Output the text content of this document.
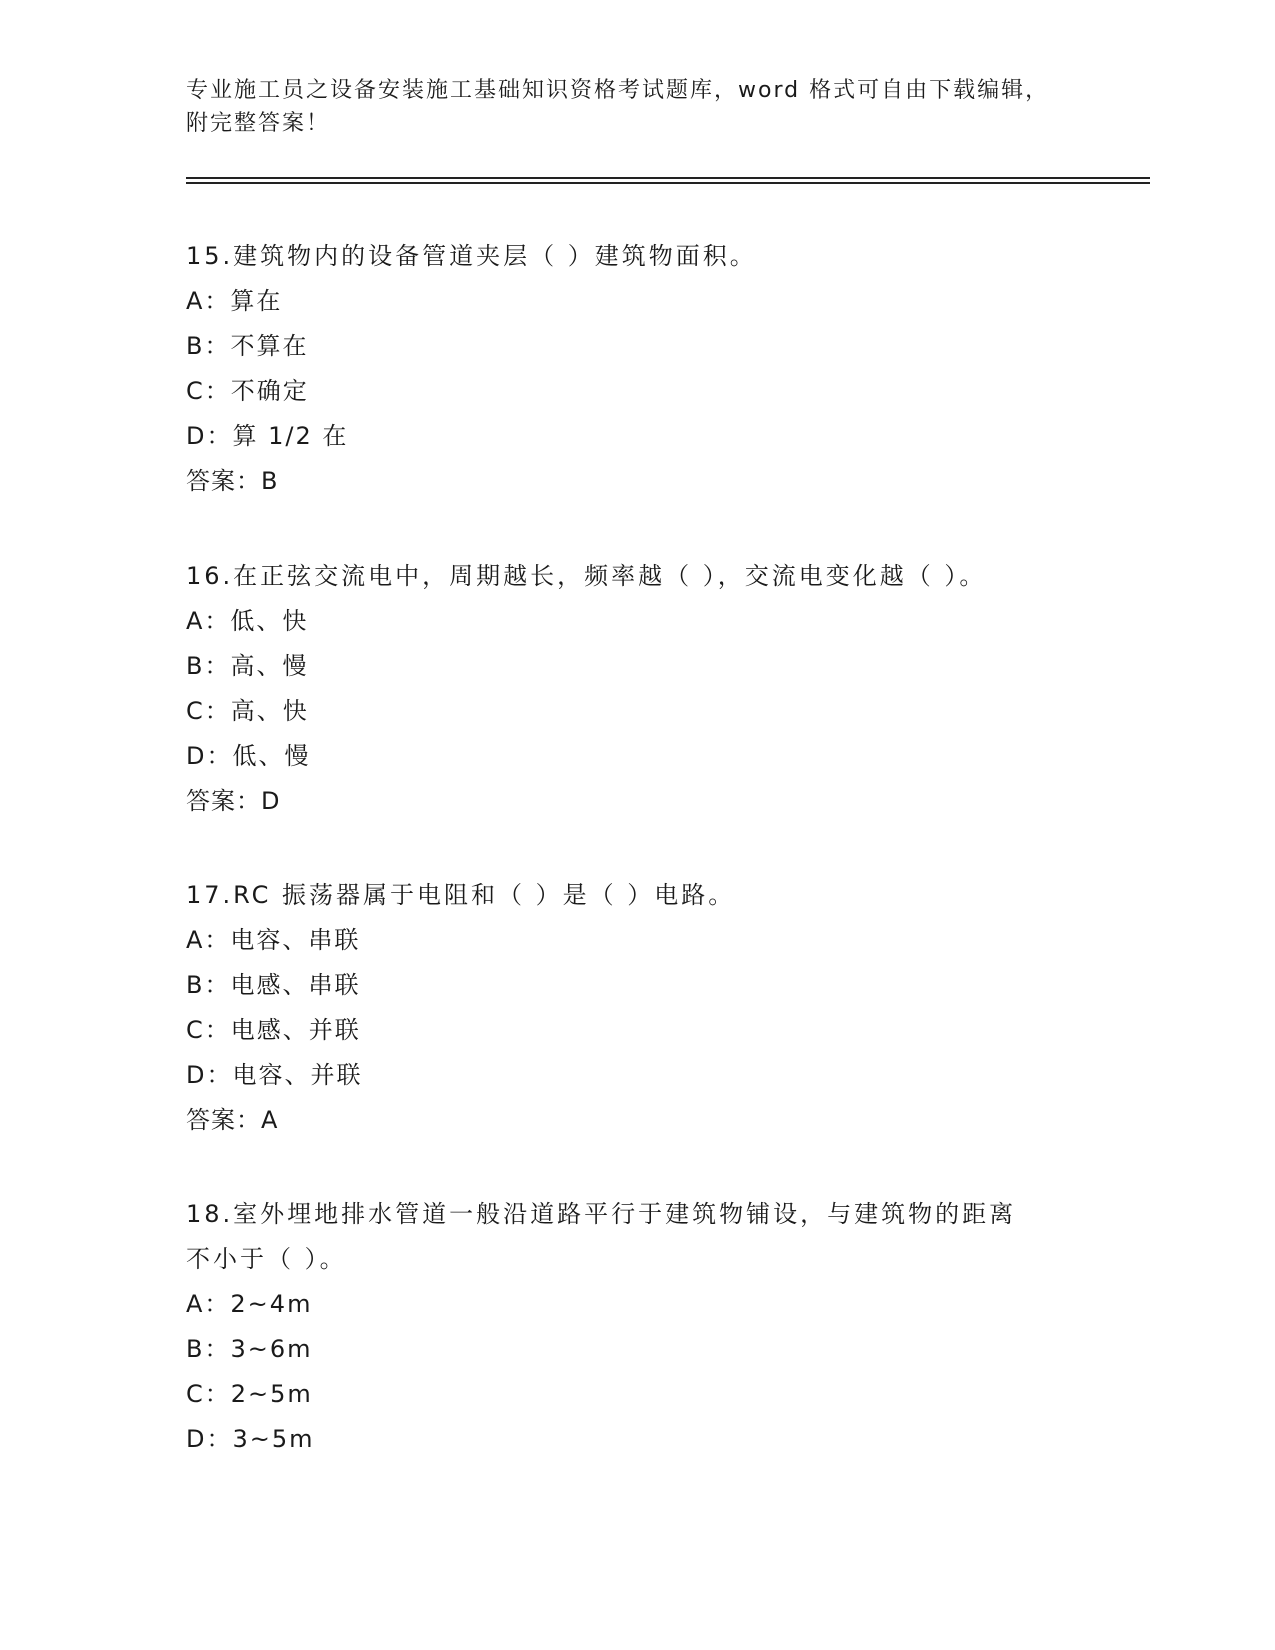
专业施工员之设备安装施工基础知识资格考试题库，word 格式可自由下载编辑，
附完整答案！

15.建筑物内的设备管道夹层（ ）建筑物面积。

A：算在

B：不算在

C：不确定

D：算 1/2 在

答案：B

16.在正弦交流电中，周期越长，频率越（ ），交流电变化越（ ）。

A：低、快

B：高、慢

C：高、快

D：低、慢

答案：D

17.RC 振荡器属于电阻和（ ）是（ ）电路。

A：电容、串联

B：电感、串联

C：电感、并联

D：电容、并联

答案：A

18.室外埋地排水管道一般沿道路平行于建筑物铺设，与建筑物的距离

不小于（ ）。

A：2~4m

B：3~6m

C：2~5m

D：3~5m
